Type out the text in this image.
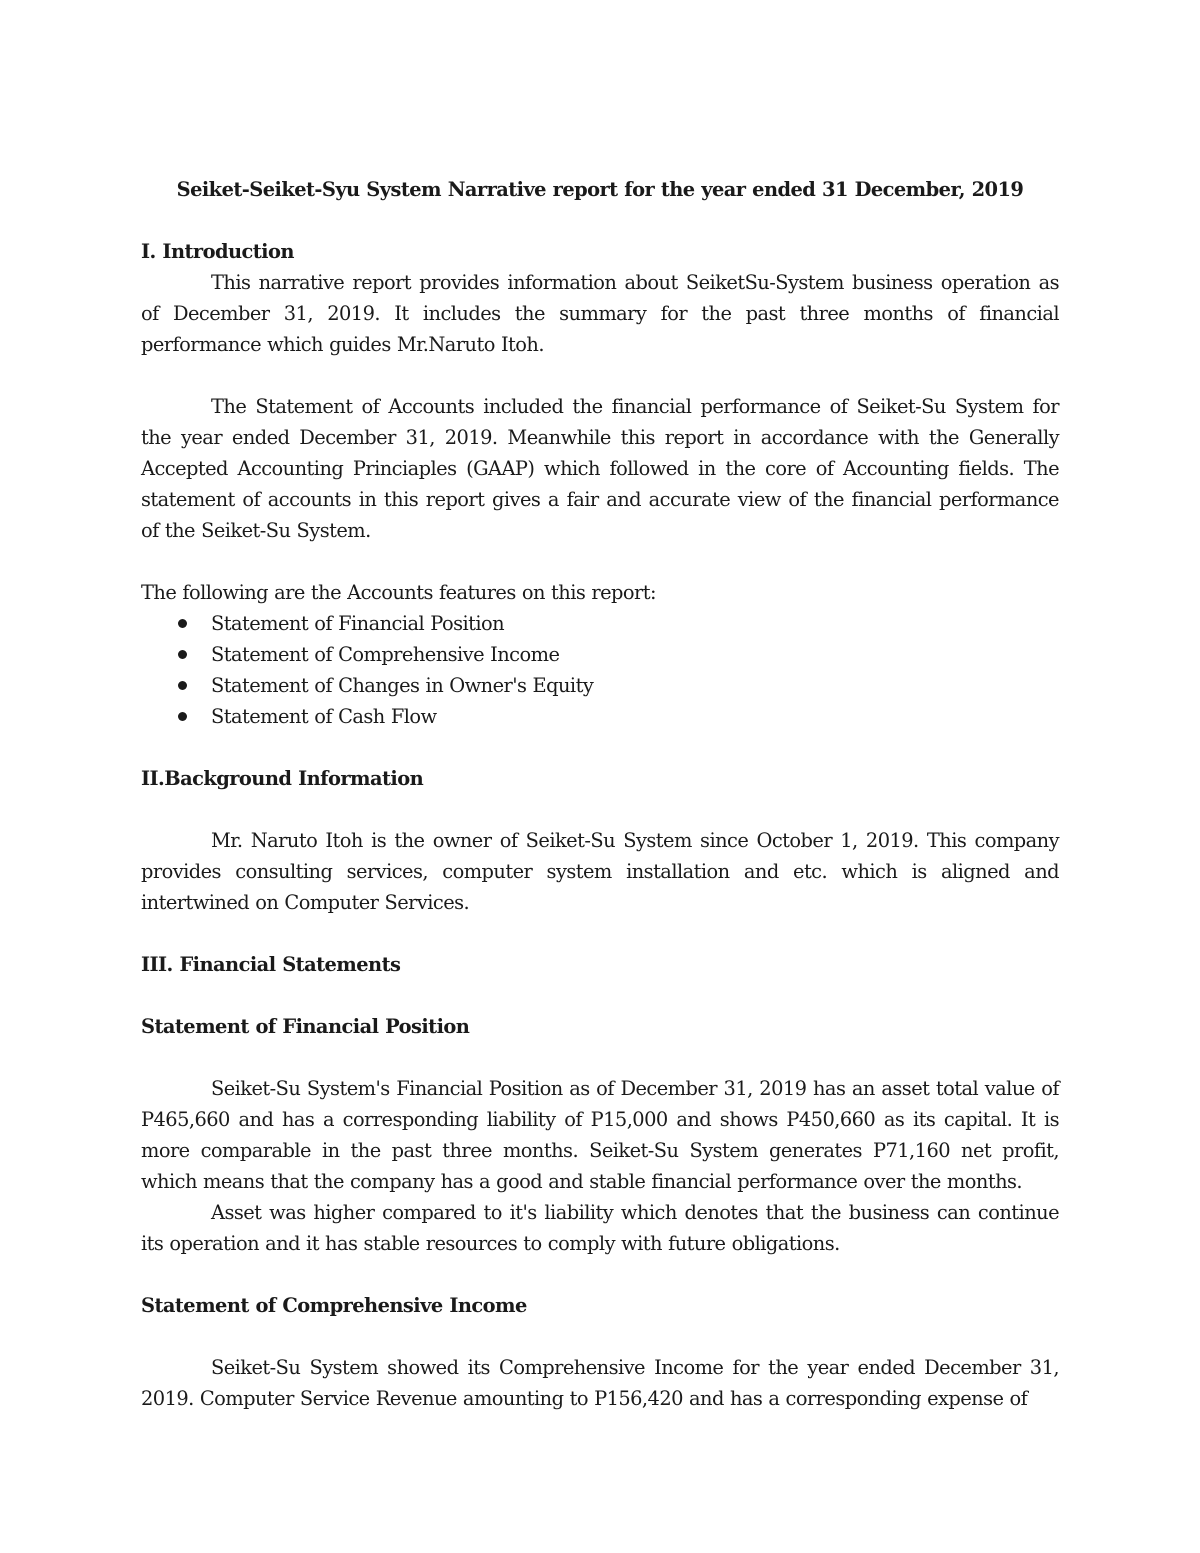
Seiket-Seiket-Syu System Narrative report for the year ended 31 December, 2019

I. Introduction

This narrative report provides information about SeiketSu-System business operation as of December 31, 2019. It includes the summary for the past three months of financial performance which guides Mr.Naruto Itoh.

The Statement of Accounts included the financial performance of Seiket-Su System for the year ended December 31, 2019. Meanwhile this report in accordance with the Generally Accepted Accounting Princiaples (GAAP) which followed in the core of Accounting fields. The statement of accounts in this report gives a fair and accurate view of the financial performance of the Seiket-Su System.

The following are the Accounts features on this report:

Statement of Financial Position
Statement of Comprehensive Income
Statement of Changes in Owner's Equity
Statement of Cash Flow

II.Background Information

Mr. Naruto Itoh is the owner of Seiket-Su System since October 1, 2019. This company provides consulting services, computer system installation and etc. which is aligned and intertwined on Computer Services.

III. Financial Statements

Statement of Financial Position

Seiket-Su System's Financial Position as of December 31, 2019 has an asset total value of P465,660 and has a corresponding liability of P15,000 and shows P450,660 as its capital. It is more comparable in the past three months. Seiket-Su System generates P71,160 net profit, which means that the company has a good and stable financial performance over the months.

Asset was higher compared to it's liability which denotes that the business can continue its operation and it has stable resources to comply with future obligations.

Statement of Comprehensive Income

Seiket-Su System showed its Comprehensive Income for the year ended December 31, 2019. Computer Service Revenue amounting to P156,420 and has a corresponding expense of
